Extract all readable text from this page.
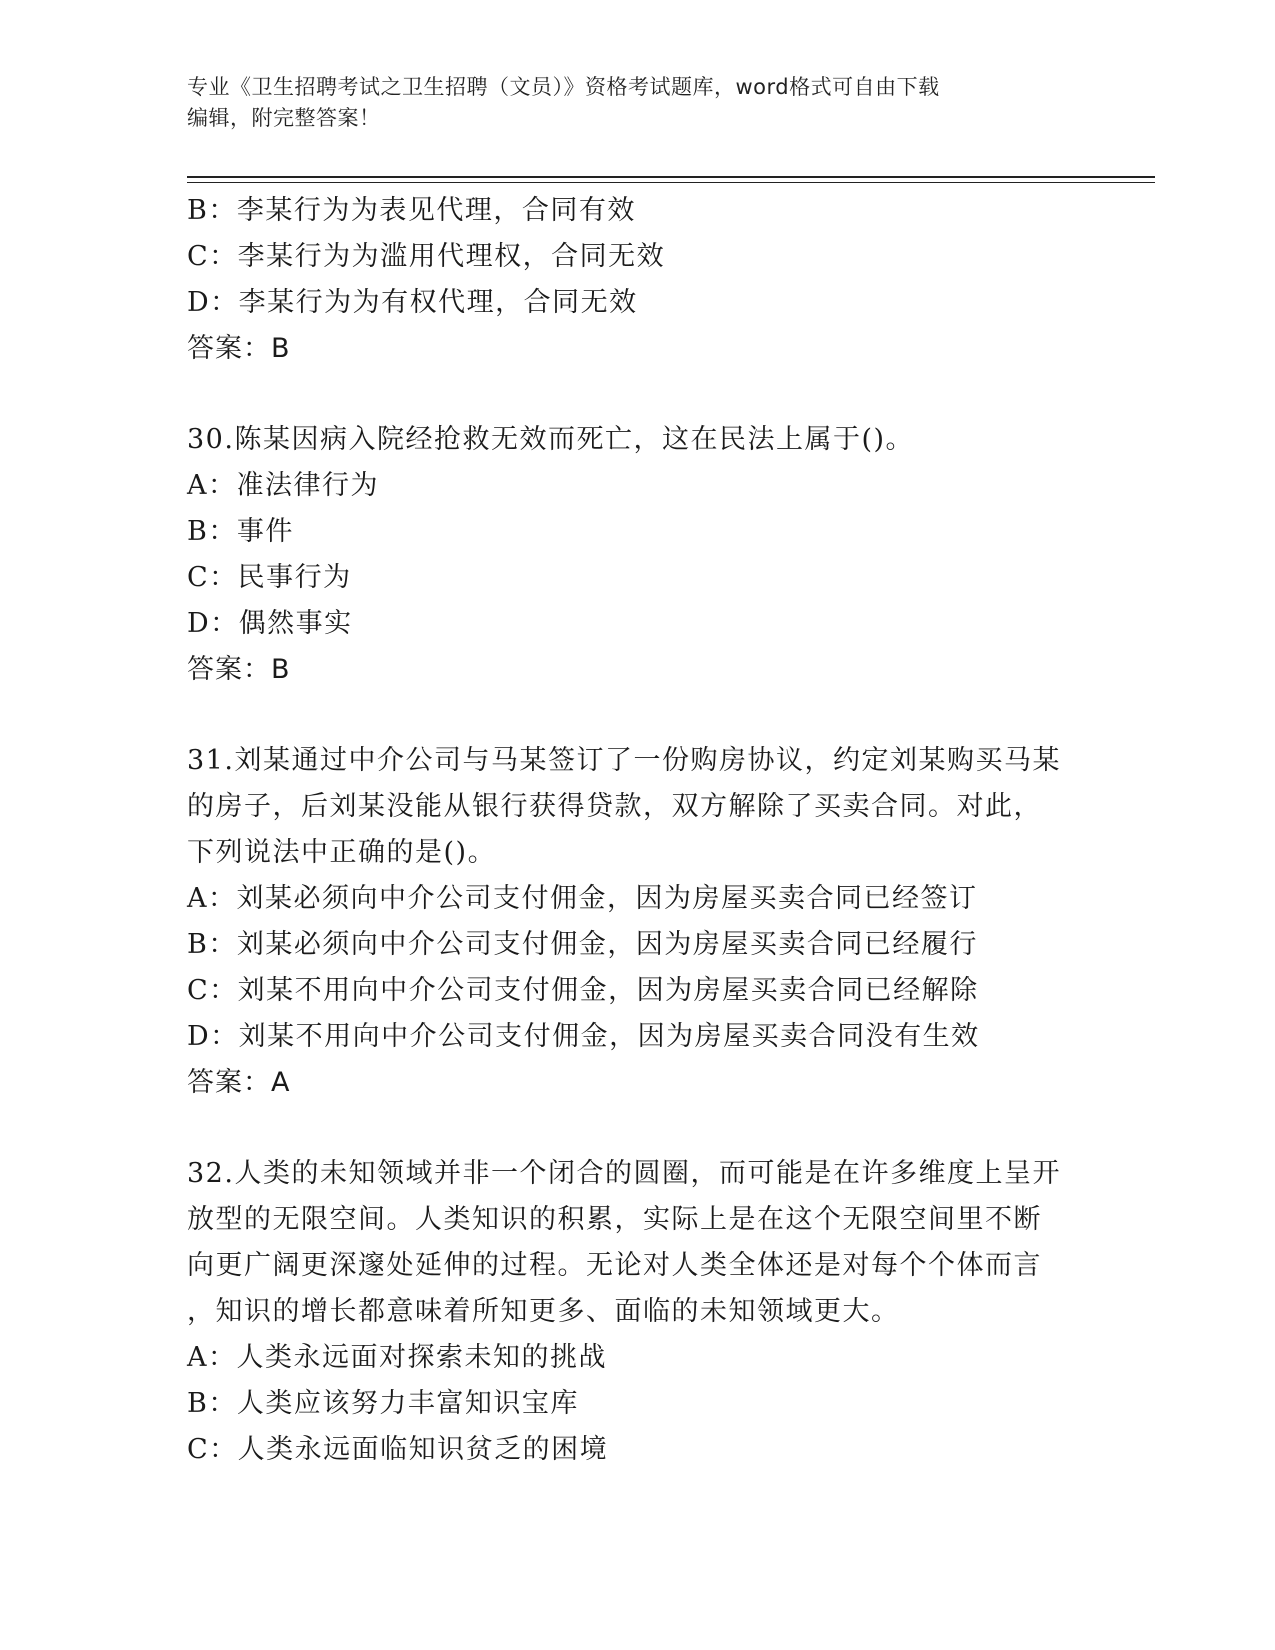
专业《卫生招聘考试之卫生招聘（文员）》资格考试题库，word格式可自由下载
编辑，附完整答案！
B：李某行为为表见代理，合同有效
C：李某行为为滥用代理权，合同无效
D：李某行为为有权代理，合同无效
答案：B
30.陈某因病入院经抢救无效而死亡，这在民法上属于()。
A：准法律行为
B：事件
C：民事行为
D：偶然事实
答案：B
31.刘某通过中介公司与马某签订了一份购房协议，约定刘某购买马某
的房子，后刘某没能从银行获得贷款，双方解除了买卖合同。对此，
下列说法中正确的是()。
A：刘某必须向中介公司支付佣金，因为房屋买卖合同已经签订
B：刘某必须向中介公司支付佣金，因为房屋买卖合同已经履行
C：刘某不用向中介公司支付佣金，因为房屋买卖合同已经解除
D：刘某不用向中介公司支付佣金，因为房屋买卖合同没有生效
答案：A
32.人类的未知领域并非一个闭合的圆圈，而可能是在许多维度上呈开
放型的无限空间。人类知识的积累，实际上是在这个无限空间里不断
向更广阔更深邃处延伸的过程。无论对人类全体还是对每个个体而言
，知识的增长都意味着所知更多、面临的未知领域更大。
A：人类永远面对探索未知的挑战
B：人类应该努力丰富知识宝库
C：人类永远面临知识贫乏的困境
